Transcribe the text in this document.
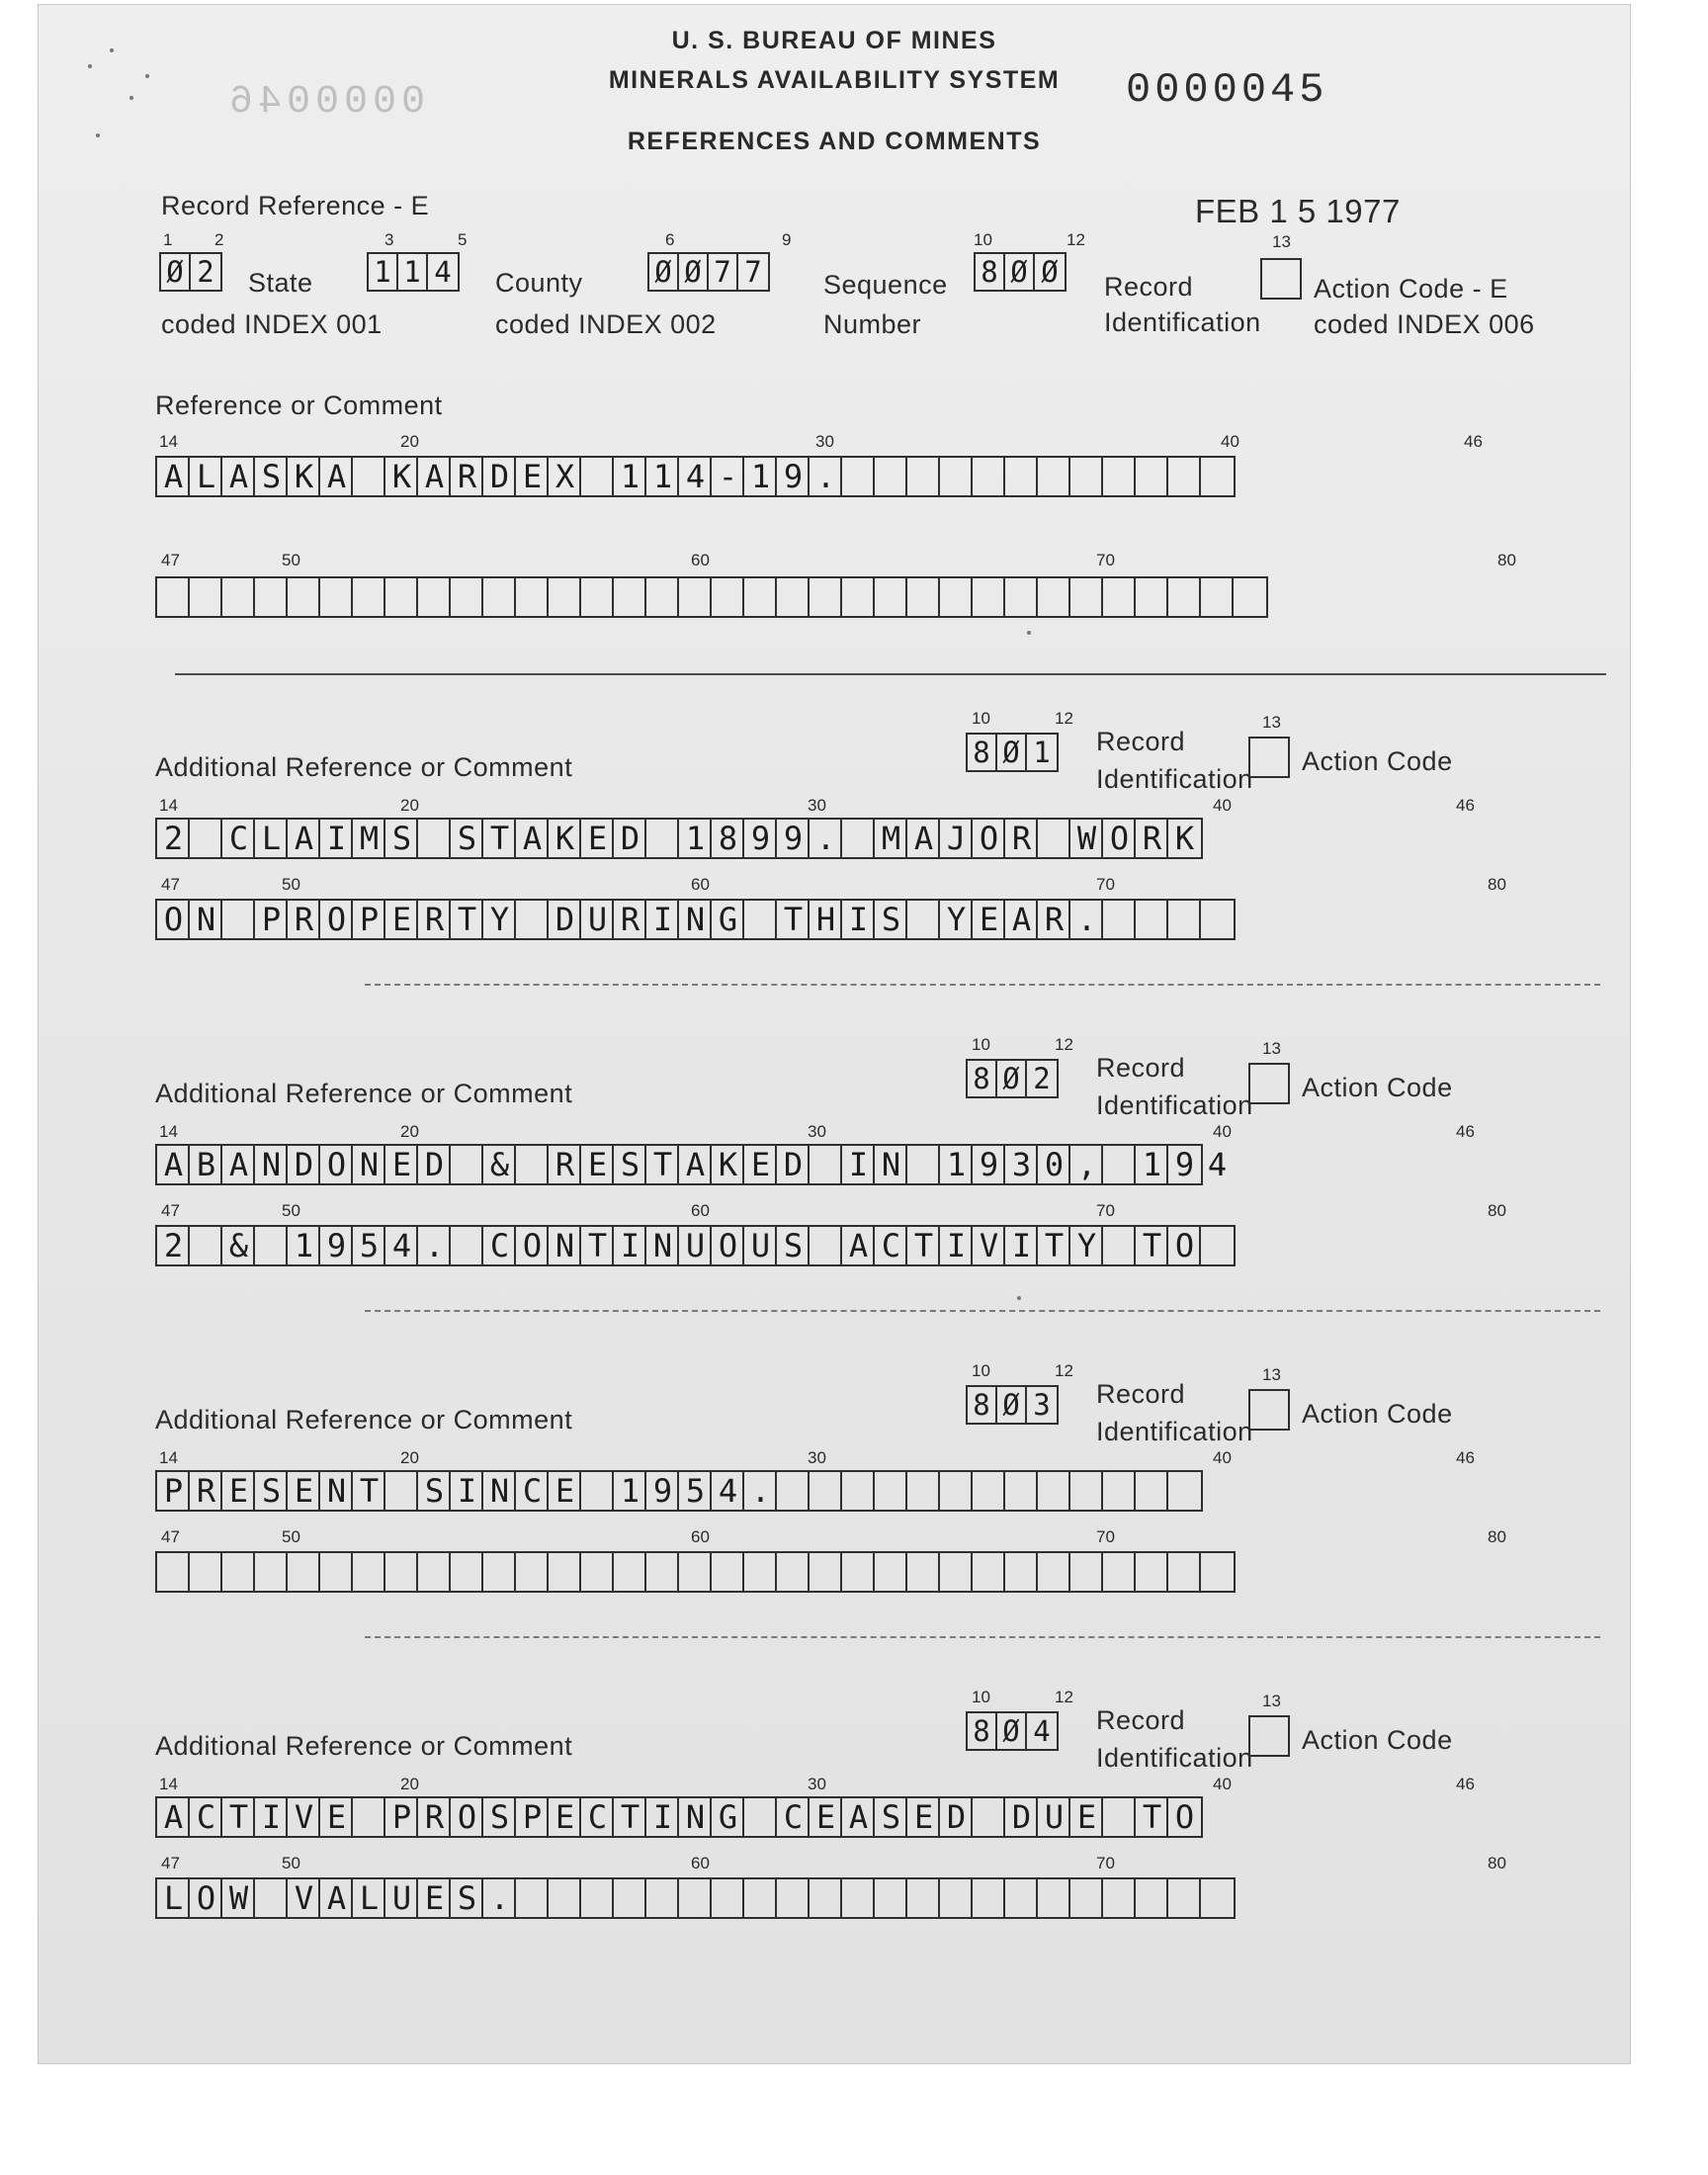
U. S. BUREAU OF MINES
MINERALS AVAILABILITY SYSTEM
REFERENCES AND COMMENTS
0000045
0000046
FEB 1 5 1977
Record Reference - E
1	2
Ø 2 State
coded INDEX 001
3	5
1 1 4 County
coded INDEX 002
6	9
Ø Ø 7 7 Sequence
Number
10	12
8 Ø Ø Record
Identification
13
Action Code - E
coded INDEX 006
Reference or Comment
14	20	30	40	46
A L A S K A
K A R D E X
1 1 4 - 1 9 .
47	50	60	70	80
10	12
8 Ø 1 Record
Identification
13
Action Code
Additional Reference or Comment
14	20	30	40	46
2
C L A I M S
S T A K E D
1 8 9 9 .
M A J O R
W O R K
47	50	60	70	80
O N
P R O P E R T Y
D U R I N G
T H I S
Y E A R .
10	12
8 Ø 2 Record
Identification
13
Action Code
Additional Reference or Comment
14	20	30	40	46
A B A N D O N E D
&
R E S T A K E D
I N
1 9 3 0 ,
1 9 4
47	50	60	70	80
2
&
1 9 5 4 .
C O N T I N U O U S
A C T I V I T Y
T O
10	12
8 Ø 3 Record
Identification
13
Action Code
Additional Reference or Comment
14	20	30	40	46
P R E S E N T
S I N C E
1 9 5 4 .
47	50	60	70	80
10	12
8 Ø 4 Record
Identification
13
Action Code
Additional Reference or Comment
14	20	30	40	46
A C T I V E
P R O S P E C T I N G
C E A S E D
D U E
T O
47	50	60	70	80
L O W
V A L U E S .
